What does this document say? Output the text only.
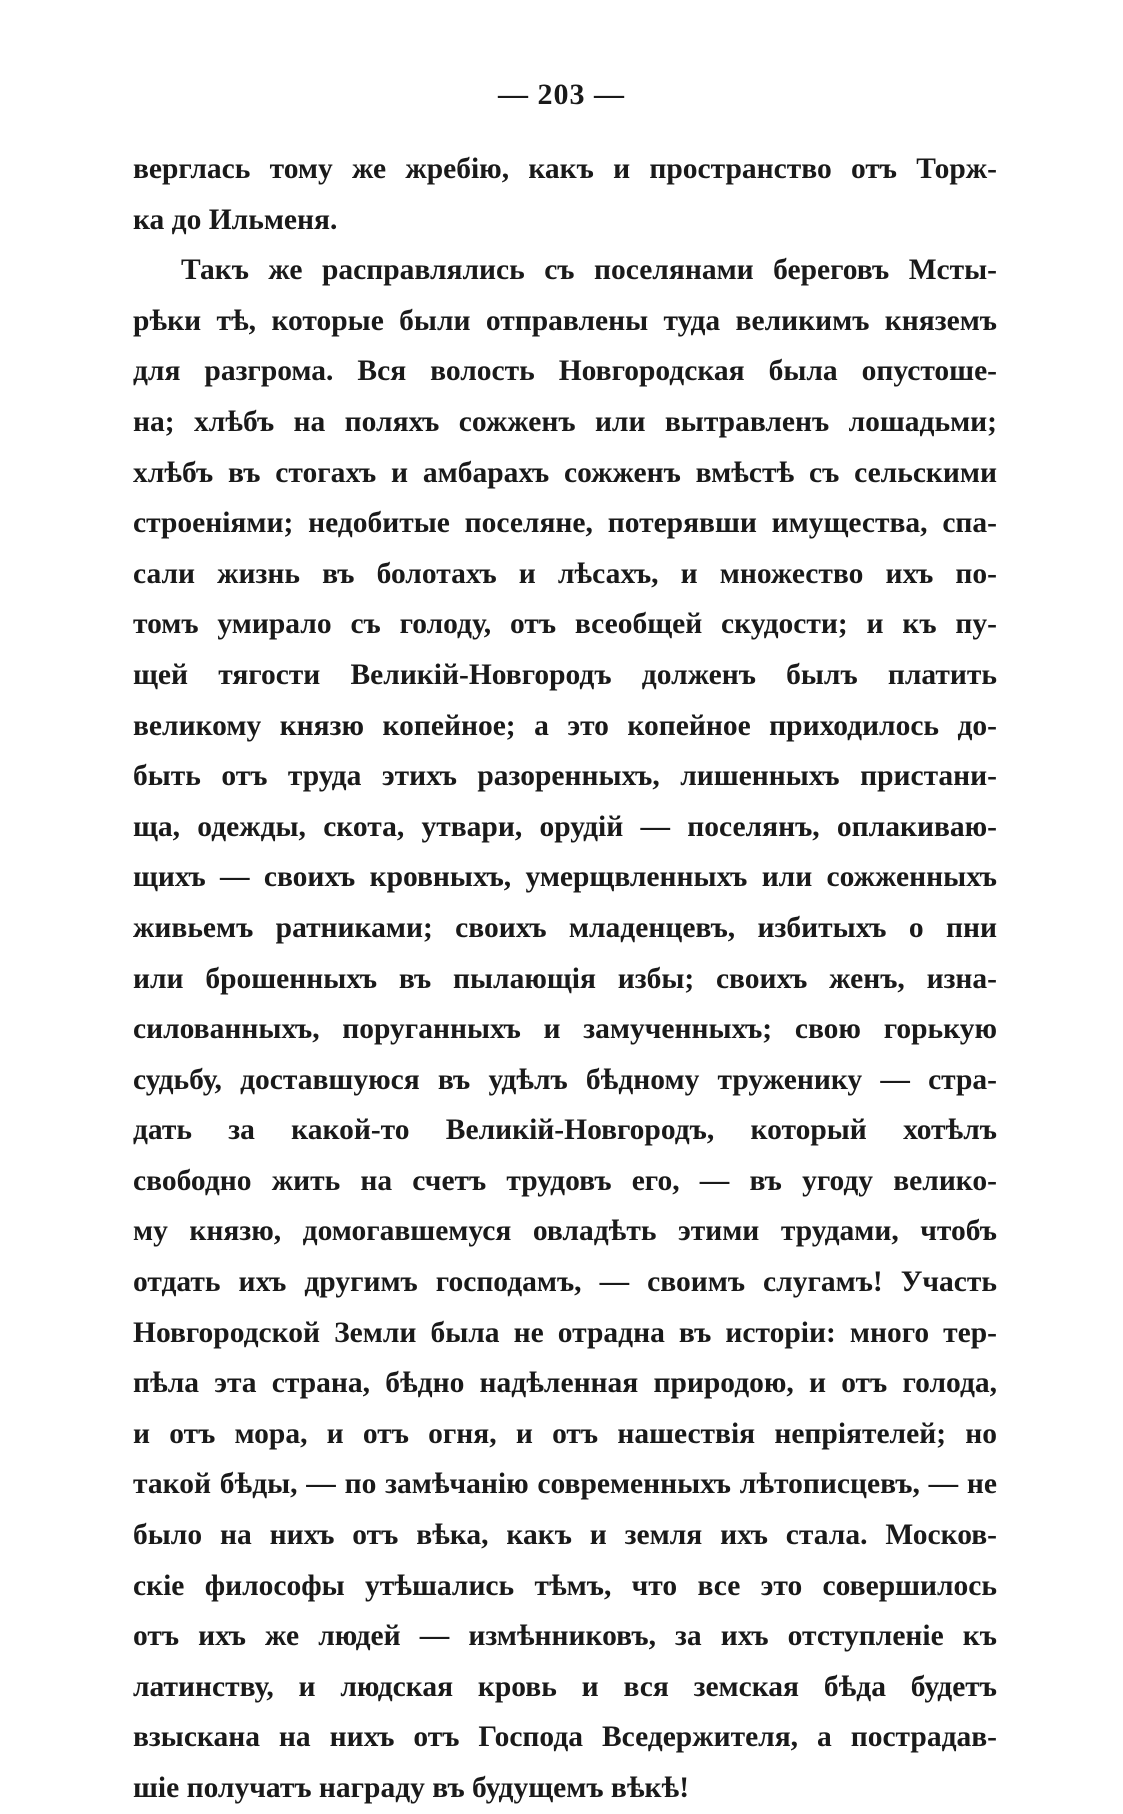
— 203 —
верглась тому же жребію, какъ и пространство отъ Торж-
ка до Ильменя.
Такъ же расправлялись съ поселянами береговъ Мсты-
рѣки тѣ, которые были отправлены туда великимъ княземъ
для разгрома. Вся волость Новгородская была опустоше-
на; хлѣбъ на поляхъ сожженъ или вытравленъ лошадьми;
хлѣбъ въ стогахъ и амбарахъ сожженъ вмѣстѣ съ сельскими
строеніями; недобитые поселяне, потерявши имущества, спа-
сали жизнь въ болотахъ и лѣсахъ, и множество ихъ по-
томъ умирало съ голоду, отъ всеобщей скудости; и къ пу-
щей тягости Великій-Новгородъ долженъ былъ платить
великому князю копейное; а это копейное приходилось до-
быть отъ труда этихъ разоренныхъ, лишенныхъ пристани-
ща, одежды, скота, утвари, орудій — поселянъ, оплакиваю-
щихъ — своихъ кровныхъ, умерщвленныхъ или сожженныхъ
живьемъ ратниками; своихъ младенцевъ, избитыхъ о пни
или брошенныхъ въ пылающія избы; своихъ женъ, изна-
силованныхъ, поруганныхъ и замученныхъ; свою горькую
судьбу, доставшуюся въ удѣлъ бѣдному труженику — стра-
дать за какой-то Великій-Новгородъ, который хотѣлъ
свободно жить на счетъ трудовъ его, — въ угоду велико-
му князю, домогавшемуся овладѣть этими трудами, чтобъ
отдать ихъ другимъ господамъ, — своимъ слугамъ! Участь
Новгородской Земли была не отрадна въ исторіи: много тер-
пѣла эта страна, бѣдно надѣленная природою, и отъ голода,
и отъ мора, и отъ огня, и отъ нашествія непріятелей; но
такой бѣды, — по замѣчанію современныхъ лѣтописцевъ, — не
было на нихъ отъ вѣка, какъ и земля ихъ стала. Москов-
скіе философы утѣшались тѣмъ, что все это совершилось
отъ ихъ же людей — измѣнниковъ, за ихъ отступленіе къ
латинству, и людская кровь и вся земская бѣда будетъ
взыскана на нихъ отъ Господа Вседержителя, а пострадав-
шіе получатъ награду въ будущемъ вѣкѣ!
